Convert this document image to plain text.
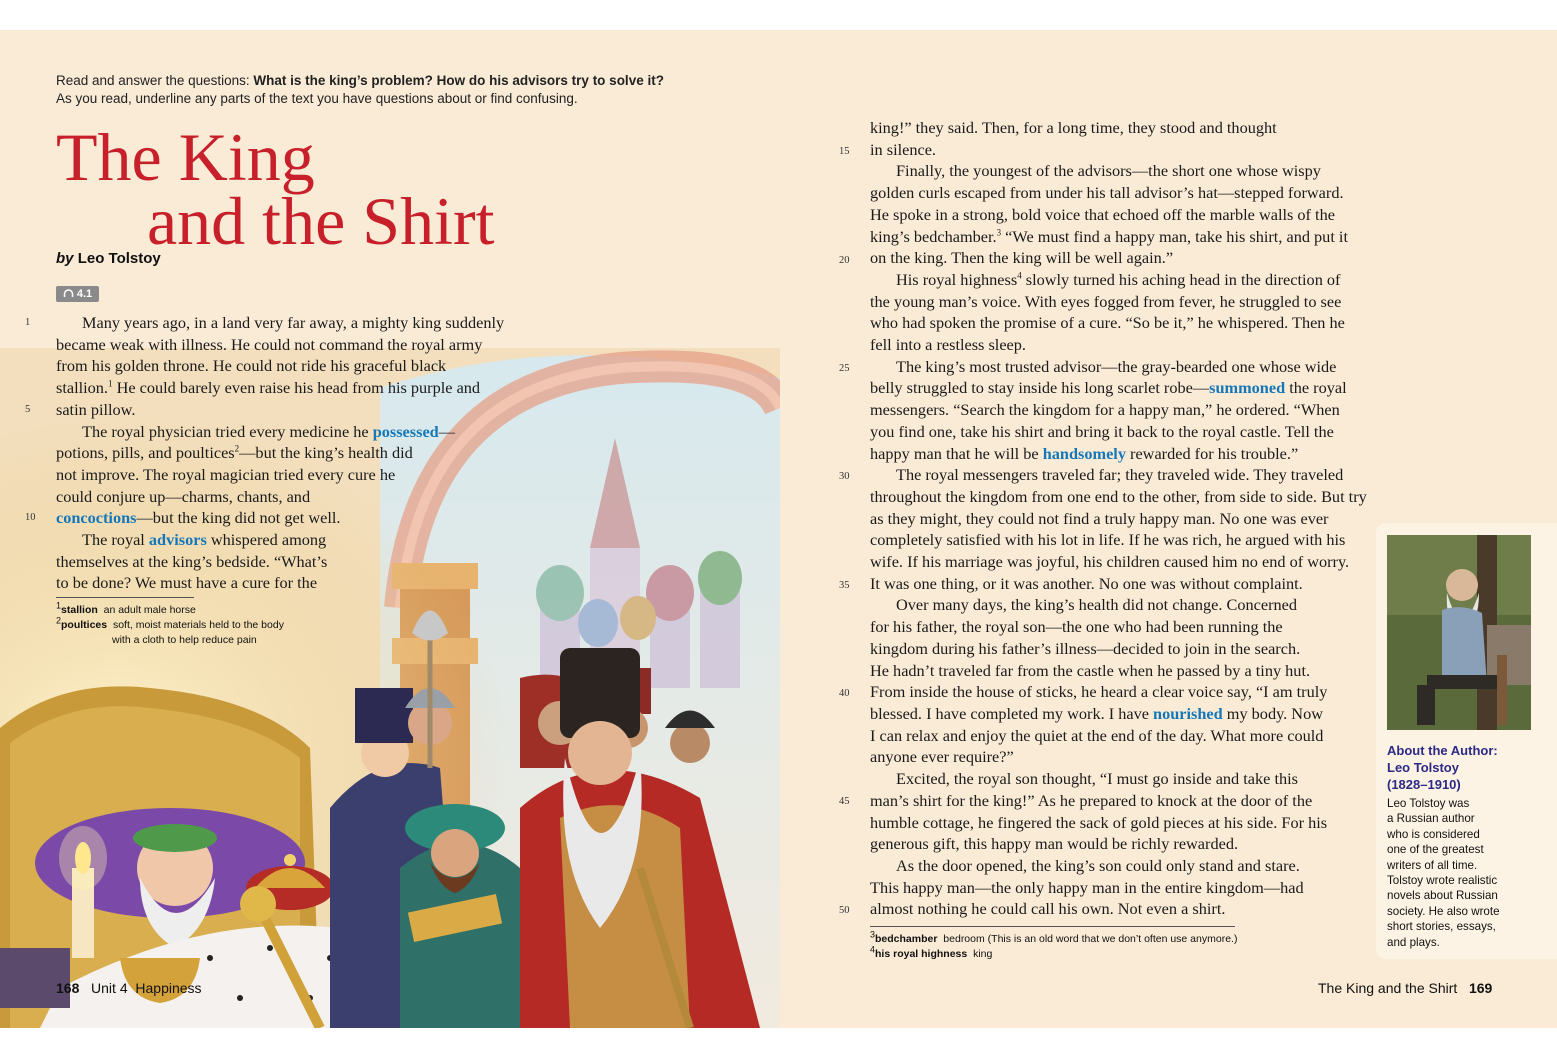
Read and answer the questions: What is the king’s problem? How do his advisors try to solve it?
As you read, underline any parts of the text you have questions about or find confusing.
The King
and the Shirt
by Leo Tolstoy
4.1
1
5
10
Many years ago, in a land very far away, a mighty king suddenly
became weak with illness. He could not command the royal army
from his golden throne. He could not ride his graceful black
stallion.$^1$ He could barely even raise his head from his purple and
satin pillow.
The royal physician tried every medicine he possessed—
potions, pills, and poultices$^2$—but the king’s health did
not improve. The royal magician tried every cure he
could conjure up—charms, chants, and
concoctions—but the king did not get well.
The royal advisors whispered among
themselves at the king’s bedside. “What’s
to be done? We must have a cure for the
$^1$stallion an adult male horse
$^2$poultices soft, moist materials held to the body
with a cloth to help reduce pain
15
20
25
30
35
40
45
50
king!” they said. Then, for a long time, they stood and thought
in silence.
Finally, the youngest of the advisors—the short one whose wispy
golden curls escaped from under his tall advisor’s hat—stepped forward.
He spoke in a strong, bold voice that echoed off the marble walls of the
king’s bedchamber.$^3$ “We must find a happy man, take his shirt, and put it
on the king. Then the king will be well again.”
His royal highness$^4$ slowly turned his aching head in the direction of
the young man’s voice. With eyes fogged from fever, he struggled to see
who had spoken the promise of a cure. “So be it,” he whispered. Then he
fell into a restless sleep.
The king’s most trusted advisor—the gray-bearded one whose wide
belly struggled to stay inside his long scarlet robe—summoned the royal
messengers. “Search the kingdom for a happy man,” he ordered. “When
you find one, take his shirt and bring it back to the royal castle. Tell the
happy man that he will be handsomely rewarded for his trouble.”
The royal messengers traveled far; they traveled wide. They traveled
throughout the kingdom from one end to the other, from side to side. But try
as they might, they could not find a truly happy man. No one was ever
completely satisfied with his lot in life. If he was rich, he argued with his
wife. If his marriage was joyful, his children caused him no end of worry.
It was one thing, or it was another. No one was without complaint.
Over many days, the king’s health did not change. Concerned
for his father, the royal son—the one who had been running the
kingdom during his father’s illness—decided to join in the search.
He hadn’t traveled far from the castle when he passed by a tiny hut.
From inside the house of sticks, he heard a clear voice say, “I am truly
blessed. I have completed my work. I have nourished my body. Now
I can relax and enjoy the quiet at the end of the day. What more could
anyone ever require?”
Excited, the royal son thought, “I must go inside and take this
man’s shirt for the king!” As he prepared to knock at the door of the
humble cottage, he fingered the sack of gold pieces at his side. For his
generous gift, this happy man would be richly rewarded.
As the door opened, the king’s son could only stand and stare.
This happy man—the only happy man in the entire kingdom—had
almost nothing he could call his own. Not even a shirt.
$^3$bedchamber bedroom (This is an old word that we don’t often use anymore.)
$^4$his royal highness king
About the Author:
Leo Tolstoy
(1828–1910)
Leo Tolstoy was
a Russian author
who is considered
one of the greatest
writers of all time.
Tolstoy wrote realistic
novels about Russian
society. He also wrote
short stories, essays,
and plays.
168 Unit 4 Happiness	The King and the Shirt 169
